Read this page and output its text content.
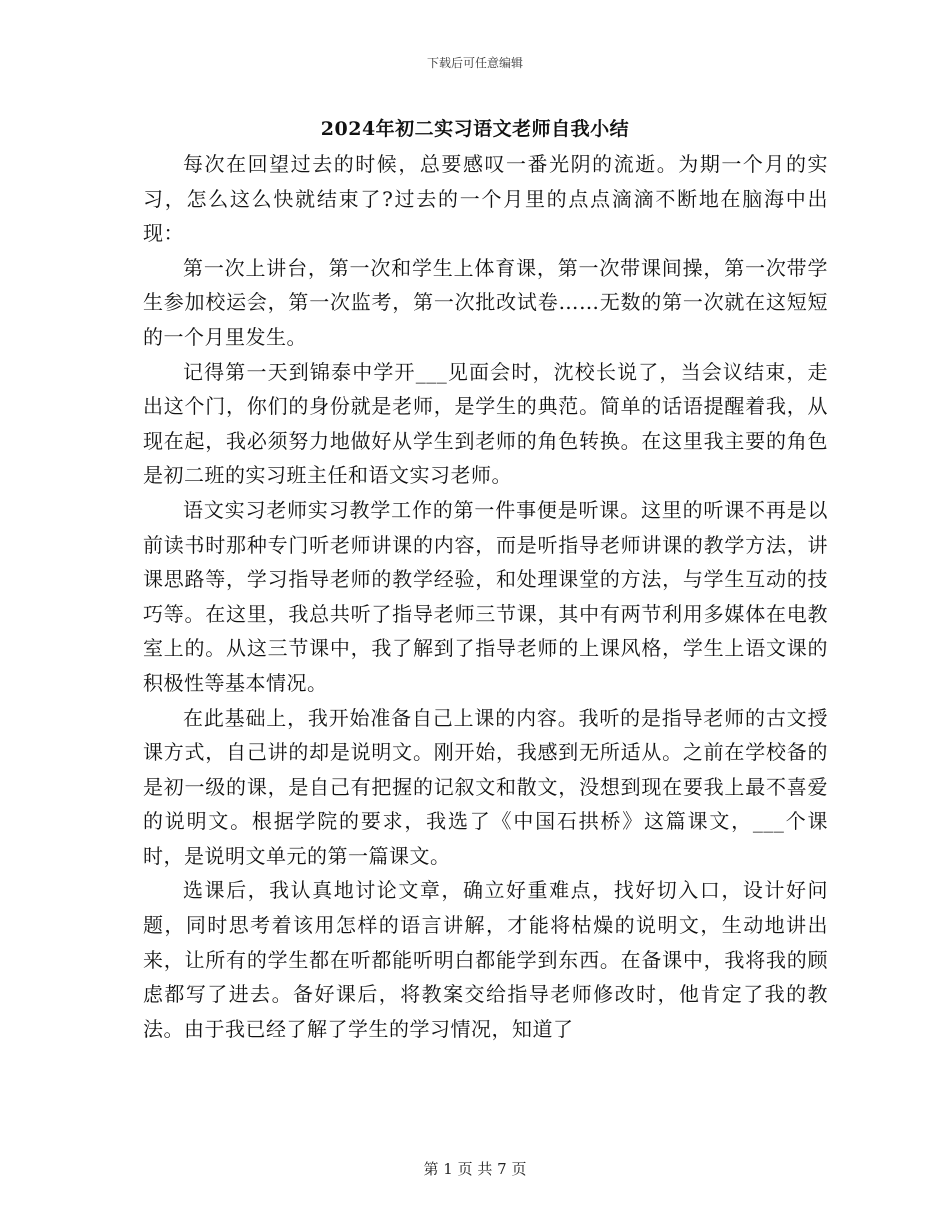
下载后可任意编辑
2024年初二实习语文老师自我小结

每次在回望过去的时候，总要感叹一番光阴的流逝。为期一个月的实习，怎么这么快就结束了?过去的一个月里的点点滴滴不断地在脑海中出现：

第一次上讲台，第一次和学生上体育课，第一次带课间操，第一次带学生参加校运会，第一次监考，第一次批改试卷……无数的第一次就在这短短的一个月里发生。

记得第一天到锦泰中学开___见面会时，沈校长说了，当会议结束，走出这个门，你们的身份就是老师，是学生的典范。简单的话语提醒着我，从现在起，我必须努力地做好从学生到老师的角色转换。在这里我主要的角色是初二班的实习班主任和语文实习老师。

语文实习老师实习教学工作的第一件事便是听课。这里的听课不再是以前读书时那种专门听老师讲课的内容，而是听指导老师讲课的教学方法，讲课思路等，学习指导老师的教学经验，和处理课堂的方法，与学生互动的技巧等。在这里，我总共听了指导老师三节课，其中有两节利用多媒体在电教室上的。从这三节课中，我了解到了指导老师的上课风格，学生上语文课的积极性等基本情况。

在此基础上，我开始准备自己上课的内容。我听的是指导老师的古文授课方式，自己讲的却是说明文。刚开始，我感到无所适从。之前在学校备的是初一级的课，是自己有把握的记叙文和散文，没想到现在要我上最不喜爱的说明文。根据学院的要求，我选了《中国石拱桥》这篇课文，___个课时，是说明文单元的第一篇课文。

选课后，我认真地讨论文章，确立好重难点，找好切入口，设计好问题，同时思考着该用怎样的语言讲解，才能将枯燥的说明文，生动地讲出来，让所有的学生都在听都能听明白都能学到东西。在备课中，我将我的顾虑都写了进去。备好课后，将教案交给指导老师修改时，他肯定了我的教法。由于我已经了解了学生的学习情况，知道了

第 1 页 共 7 页
